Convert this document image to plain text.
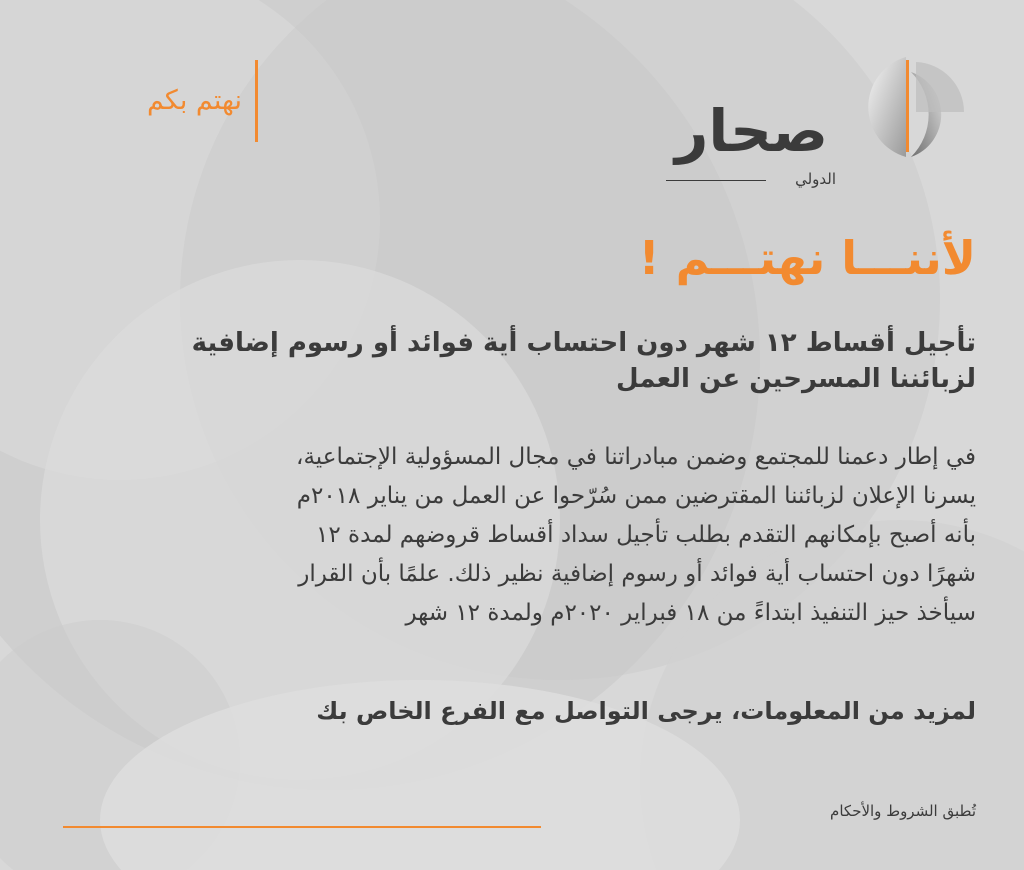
صحار
الدولي
نهتم بكم
لأننـــا نهتـــم !
تأجيل أقساط ١٢ شهر دون احتساب أية فوائد أو رسوم إضافية
لزبائننا المسرحين عن العمل
في إطار دعمنا للمجتمع وضمن مبادراتنا في مجال المسؤولية الإجتماعية،
يسرنا الإعلان لزبائننا المقترضين ممن سُرّحوا عن العمل من يناير ٢٠١٨م
بأنه أصبح بإمكانهم التقدم بطلب تأجيل سداد أقساط قروضهم لمدة ١٢
شهرًا دون احتساب أية فوائد أو رسوم إضافية نظير ذلك. علمًا بأن القرار
سيأخذ حيز التنفيذ ابتداءً من ١٨ فبراير ٢٠٢٠م ولمدة ١٢ شهر
لمزيد من المعلومات، يرجى التواصل مع الفرع الخاص بك
تُطبق الشروط والأحكام
